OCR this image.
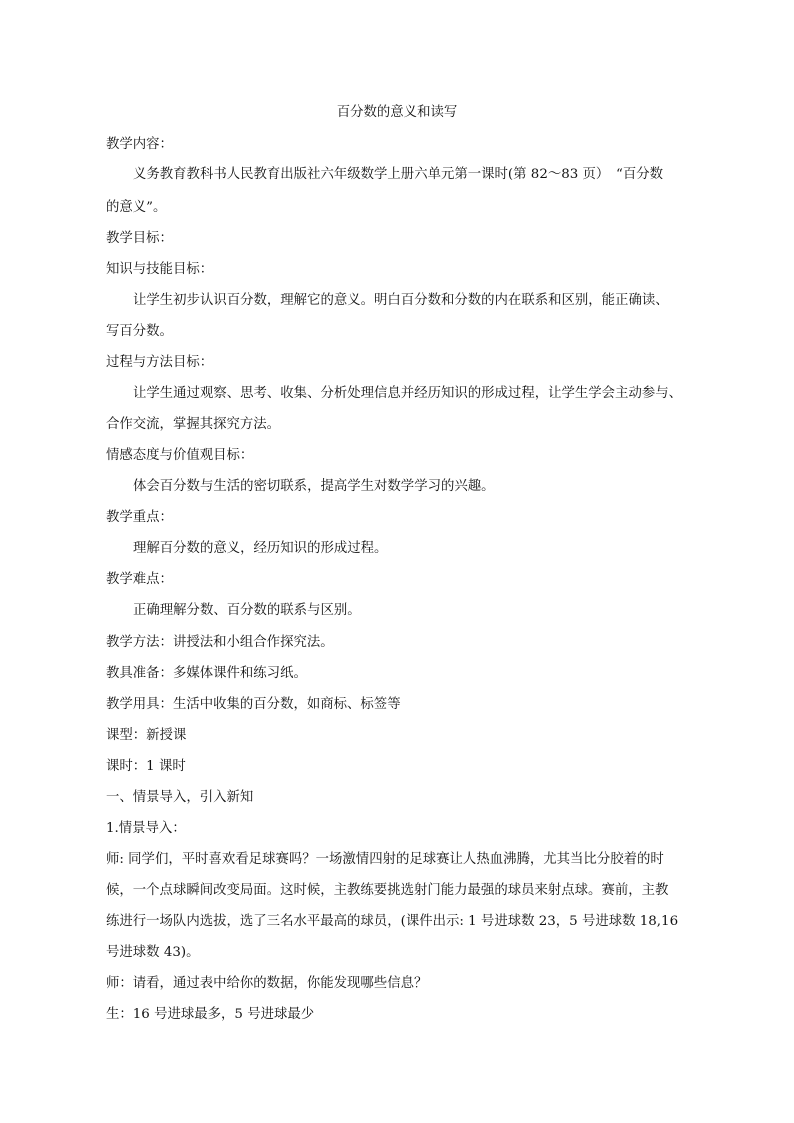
百分数的意义和读写
教学内容：
义务教育教科书人民教育出版社六年级数学上册六单元第一课时(第 82～83 页）　“百分数
的意义”。
教学目标：
知识与技能目标：
让学生初步认识百分数，理解它的意义。明白百分数和分数的内在联系和区别，能正确读、
写百分数。
过程与方法目标：
让学生通过观察、思考、收集、分析处理信息并经历知识的形成过程，让学生学会主动参与、
合作交流，掌握其探究方法。
情感态度与价值观目标：
体会百分数与生活的密切联系，提高学生对数学学习的兴趣。
教学重点：
理解百分数的意义，经历知识的形成过程。
教学难点：
正确理解分数、百分数的联系与区别。
教学方法：讲授法和小组合作探究法。
教具准备：多媒体课件和练习纸。
教学用具：生活中收集的百分数，如商标、标签等
课型：新授课
课时：1 课时
一、情景导入，引入新知
1.情景导入：
师: 同学们，平时喜欢看足球赛吗？一场激情四射的足球赛让人热血沸腾，尤其当比分胶着的时
候，一个点球瞬间改变局面。这时候，主教练要挑选射门能力最强的球员来射点球。赛前，主教
练进行一场队内选拔，选了三名水平最高的球员，(课件出示: 1 号进球数 23，5 号进球数 18,16
号进球数 43)。
师：请看，通过表中给你的数据，你能发现哪些信息？
生：16 号进球最多，5 号进球最少
